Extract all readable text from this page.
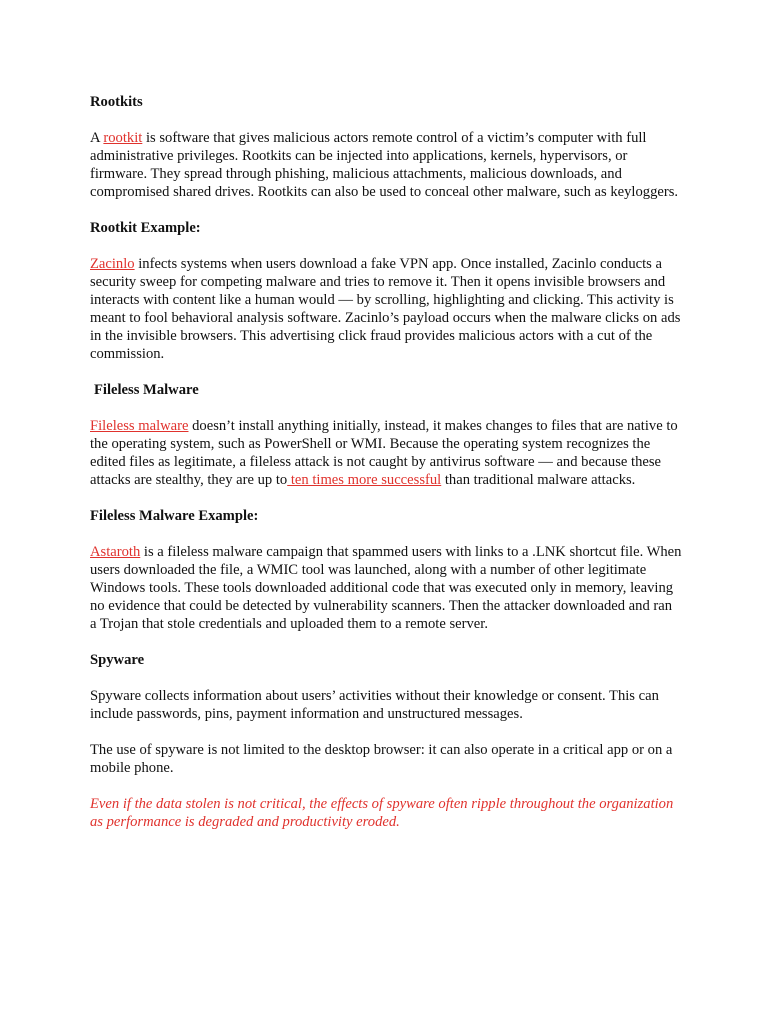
Rootkits
A rootkit is software that gives malicious actors remote control of a victim’s computer with full administrative privileges. Rootkits can be injected into applications, kernels, hypervisors, or firmware. They spread through phishing, malicious attachments, malicious downloads, and compromised shared drives. Rootkits can also be used to conceal other malware, such as keyloggers.
Rootkit Example:
Zacinlo infects systems when users download a fake VPN app. Once installed, Zacinlo conducts a security sweep for competing malware and tries to remove it. Then it opens invisible browsers and interacts with content like a human would — by scrolling, highlighting and clicking. This activity is meant to fool behavioral analysis software. Zacinlo’s payload occurs when the malware clicks on ads in the invisible browsers. This advertising click fraud provides malicious actors with a cut of the commission.
Fileless Malware
Fileless malware doesn’t install anything initially, instead, it makes changes to files that are native to the operating system, such as PowerShell or WMI. Because the operating system recognizes the edited files as legitimate, a fileless attack is not caught by antivirus software — and because these attacks are stealthy, they are up to ten times more successful than traditional malware attacks.
Fileless Malware Example:
Astaroth is a fileless malware campaign that spammed users with links to a .LNK shortcut file. When users downloaded the file, a WMIC tool was launched, along with a number of other legitimate Windows tools. These tools downloaded additional code that was executed only in memory, leaving no evidence that could be detected by vulnerability scanners. Then the attacker downloaded and ran a Trojan that stole credentials and uploaded them to a remote server.
Spyware
Spyware collects information about users’ activities without their knowledge or consent. This can include passwords, pins, payment information and unstructured messages.
The use of spyware is not limited to the desktop browser: it can also operate in a critical app or on a mobile phone.
Even if the data stolen is not critical, the effects of spyware often ripple throughout the organization as performance is degraded and productivity eroded.
